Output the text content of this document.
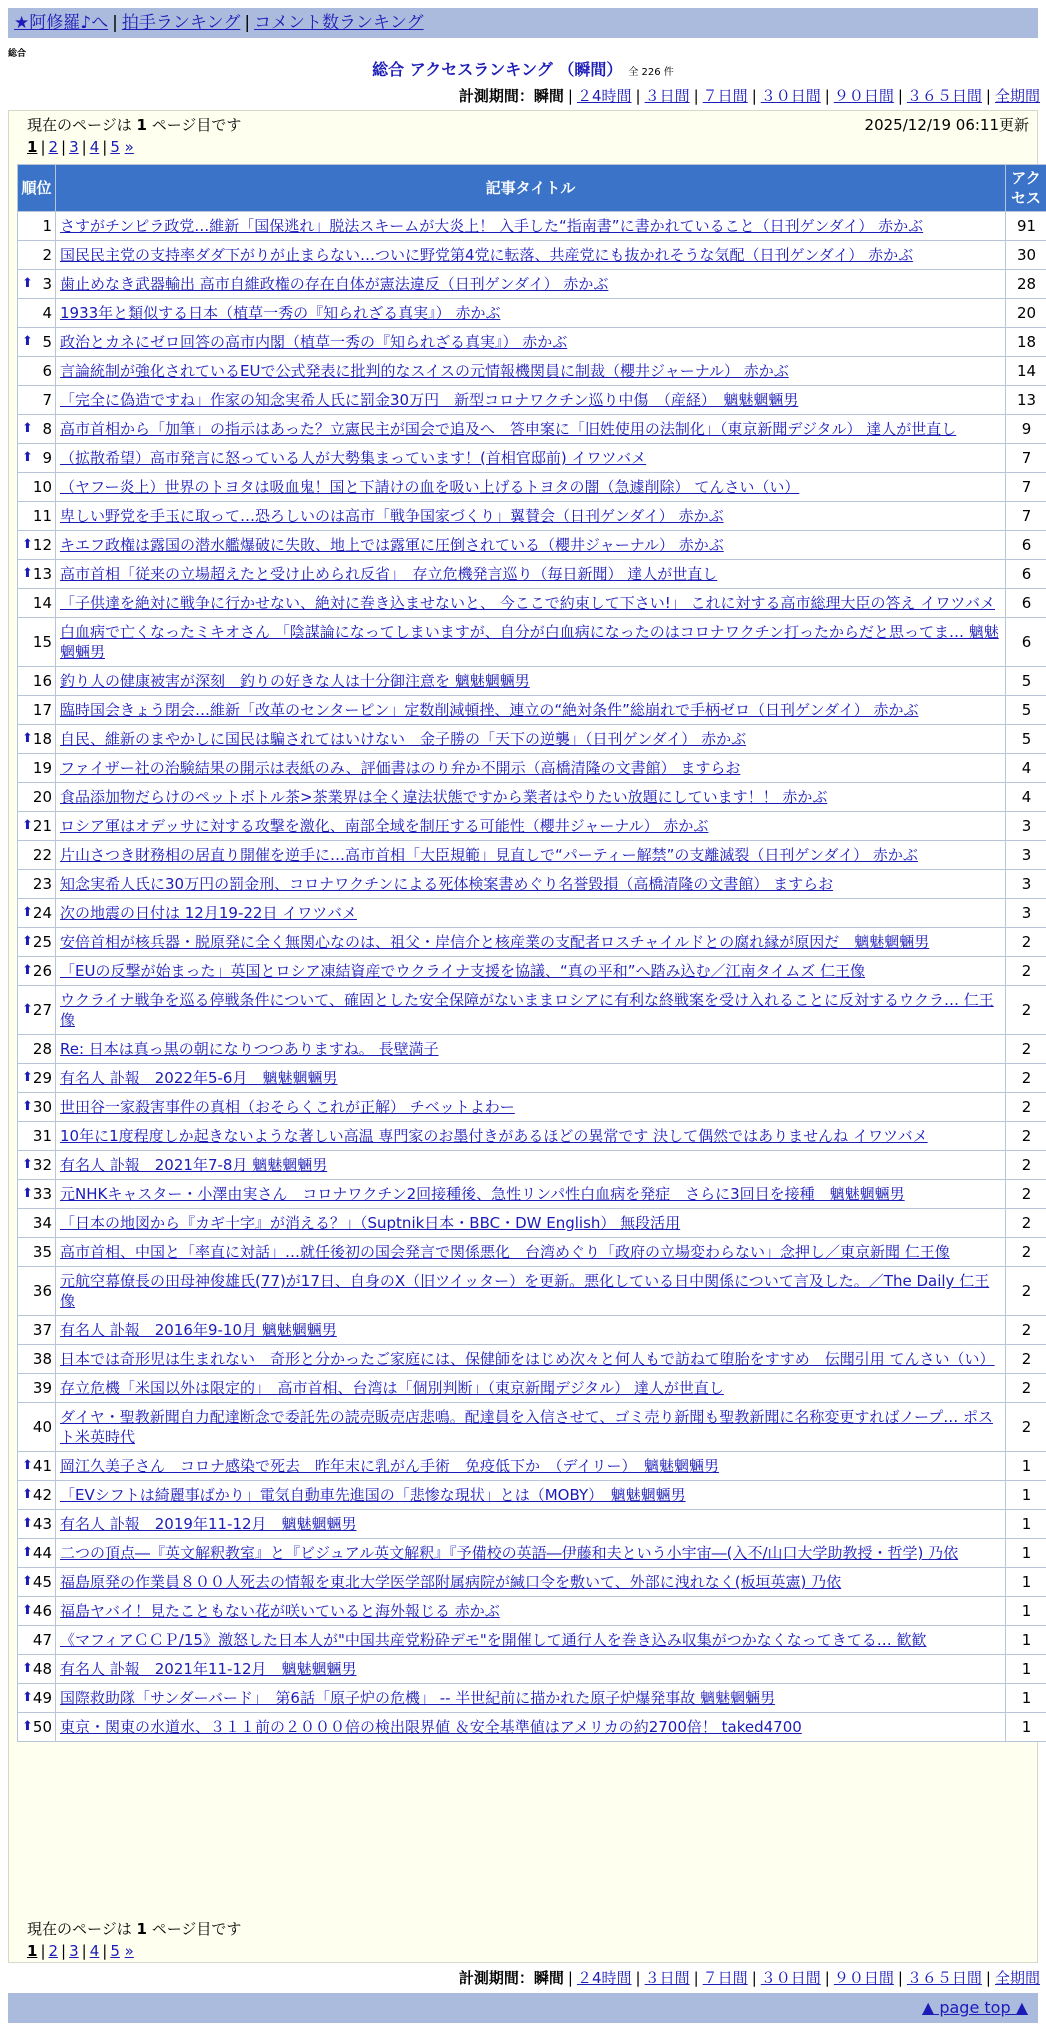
★阿修羅♪へ | 拍手ランキング | コメント数ランキング
総合
総合 アクセスランキング （瞬間） 全 226 件
計測期間：瞬間 | ２4時間 | ３日間 | ７日間 | ３０日間 | ９０日間 | ３６５日間 | 全期間
現在のページは 1 ページ目です	2025/12/19 06:11更新
1 | 2 | 3 | 4 | 5 »
順位	記事タイトル	アクセス
1	さすがチンピラ政党…維新「国保逃れ」脱法スキームが大炎上！ 入手した“指南書”に書かれていること（日刊ゲンダイ） 赤かぶ	91
2	国民民主党の支持率ダダ下がりが止まらない…ついに野党第4党に転落、共産党にも抜かれそうな気配（日刊ゲンダイ） 赤かぶ	30

⬆ 3	歯止めなき武器輸出 高市自維政権の存在自体が憲法違反（日刊ゲンダイ） 赤かぶ	28
4	1933年と類似する日本（植草一秀の『知られざる真実』） 赤かぶ	20

⬆ 5	政治とカネにゼロ回答の高市内閣（植草一秀の『知られざる真実』） 赤かぶ	18
6	言論統制が強化されているEUで公式発表に批判的なスイスの元情報機関員に制裁（櫻井ジャーナル） 赤かぶ	14
7	「完全に偽造ですね」作家の知念実希人氏に罰金30万円　新型コロナワクチン巡り中傷　（産経）　魑魅魍魎男	13

⬆ 8	高市首相から「加筆」の指示はあった？立憲民主が国会で追及へ　答申案に「旧姓使用の法制化」（東京新聞デジタル） 達人が世直し	9

⬆ 9	（拡散希望）高市発言に怒っている人が大勢集まっています！(首相官邸前) イワツバメ	7
10	（ヤフー炎上）世界のトヨタは吸血鬼！国と下請けの血を吸い上げるトヨタの闇（急遽削除） てんさい（い）	7
11	卑しい野党を手玉に取って…恐ろしいのは高市「戦争国家づくり」翼賛会（日刊ゲンダイ） 赤かぶ	7

⬆ 12	キエフ政権は露国の潜水艦爆破に失敗、地上では露軍に圧倒されている（櫻井ジャーナル） 赤かぶ	6

⬆ 13	高市首相「従来の立場超えたと受け止められ反省」　存立危機発言巡り（毎日新聞） 達人が世直し	6
14	「子供達を絶対に戦争に行かせない、絶対に巻き込ませないと、 今ここで約束して下さい!」 これに対する高市総理大臣の答え イワツバメ	6
15	白血病で亡くなったミキオさん 「陰謀論になってしまいますが、自分が白血病になったのはコロナワクチン打ったからだと思ってま… 魑魅魍魎男	6
16	釣り人の健康被害が深刻　釣りの好きな人は十分御注意を 魑魅魍魎男	5
17	臨時国会きょう閉会…維新「改革のセンターピン」定数削減頓挫、連立の“絶対条件”総崩れで手柄ゼロ（日刊ゲンダイ） 赤かぶ	5

⬆ 18	自民、維新のまやかしに国民は騙されてはいけない　金子勝の「天下の逆襲」（日刊ゲンダイ） 赤かぶ	5
19	ファイザー社の治験結果の開示は表紙のみ、評価書はのり弁か不開示（高橋清隆の文書館） ますらお	4
20	食品添加物だらけのペットボトル茶>茶業界は全く違法状態ですから業者はやりたい放題にしています！！ 赤かぶ	4

⬆ 21	ロシア軍はオデッサに対する攻撃を激化、南部全域を制圧する可能性（櫻井ジャーナル） 赤かぶ	3
22	片山さつき財務相の居直り開催を逆手に…高市首相「大臣規範」見直しで“パーティー解禁”の支離滅裂（日刊ゲンダイ） 赤かぶ	3
23	知念実希人氏に30万円の罰金刑、コロナワクチンによる死体検案書めぐり名誉毀損（高橋清隆の文書館） ますらお	3

⬆ 24	次の地震の日付は 12月19-22日 イワツバメ	3

⬆ 25	安倍首相が核兵器・脱原発に全く無関心なのは、祖父・岸信介と核産業の支配者ロスチャイルドとの腐れ縁が原因だ　魑魅魍魎男	2

⬆ 26	「EUの反撃が始まった」英国とロシア凍結資産でウクライナ支援を協議、“真の平和”へ踏み込む／江南タイムズ 仁王像	2

⬆ 27	ウクライナ戦争を巡る停戦条件について、確固とした安全保障がないままロシアに有利な終戦案を受け入れることに反対するウクラ… 仁王像	2
28	Re: 日本は真っ黒の朝になりつつありますね。 長壁満子	2

⬆ 29	有名人 訃報　2022年5-6月　魑魅魍魎男	2

⬆ 30	世田谷一家殺害事件の真相（おそらくこれが正解） チベットよわー	2
31	10年に1度程度しか起きないような著しい高温 専門家のお墨付きがあるほどの異常です 決して偶然ではありませんね イワツバメ	2

⬆ 32	有名人 訃報　2021年7-8月 魑魅魍魎男	2

⬆ 33	元NHKキャスター・小澤由実さん　コロナワクチン2回接種後、急性リンパ性白血病を発症　さらに3回目を接種　魑魅魍魎男	2
34	「日本の地図から『カギ十字』が消える？」（Suptnik日本・BBC・DW English） 無段活用	2
35	高市首相、中国と「率直に対話」…就任後初の国会発言で関係悪化　台湾めぐり「政府の立場変わらない」念押し／東京新聞 仁王像	2
36	元航空幕僚長の田母神俊雄氏(77)が17日、自身のX（旧ツイッター）を更新。悪化している日中関係について言及した。／The Daily 仁王像	2
37	有名人 訃報　2016年9-10月 魑魅魍魎男	2
38	日本では奇形児は生まれない　奇形と分かったご家庭には、保健師をはじめ次々と何人もで訪ねて堕胎をすすめ　伝聞引用 てんさい（い）	2
39	存立危機「米国以外は限定的」　高市首相、台湾は「個別判断」（東京新聞デジタル） 達人が世直し	2
40	ダイヤ・聖教新聞自力配達断念で委託先の読売販売店悲鳴。配達員を入信させて、ゴミ売り新聞も聖教新聞に名称変更すればノープ… ポスト米英時代	2

⬆ 41	岡江久美子さん　コロナ感染で死去　昨年末に乳がん手術　免疫低下か　（デイリー）　魑魅魍魎男	1

⬆ 42	「EVシフトは綺麗事ばかり」電気自動車先進国の「悲惨な現状」とは（MOBY）　魑魅魍魎男	1

⬆ 43	有名人 訃報　2019年11-12月　魑魅魍魎男	1

⬆ 44	二つの頂点―『英文解釈教室』と『ビジュアル英文解釈』『予備校の英語―伊藤和夫という小宇宙―(入不/山口大学助教授・哲学) 乃依	1

⬆ 45	福島原発の作業員８００人死去の情報を東北大学医学部附属病院が緘口令を敷いて、外部に洩れなく(板垣英憲) 乃依	1

⬆ 46	福島ヤバイ！見たこともない花が咲いていると海外報じる 赤かぶ	1
47	《マフィアＣＣＰ/15》激怒した日本人が"中国共産党粉砕デモ"を開催して通行人を巻き込み収集がつかなくなってきてる… 歓歓	1

⬆ 48	有名人 訃報　2021年11-12月　魑魅魍魎男	1

⬆ 49	国際救助隊「サンダーバード」　第6話「原子炉の危機」 -- 半世紀前に描かれた原子炉爆発事故 魑魅魍魎男	1

⬆ 50	東京・関東の水道水、３１１前の２０００倍の検出限界値 ＆安全基準値はアメリカの約2700倍！ taked4700	1
現在のページは 1 ページ目です
1 | 2 | 3 | 4 | 5 »
計測期間：瞬間 | ２4時間 | ３日間 | ７日間 | ３０日間 | ９０日間 | ３６５日間 | 全期間
▲ page top ▲
